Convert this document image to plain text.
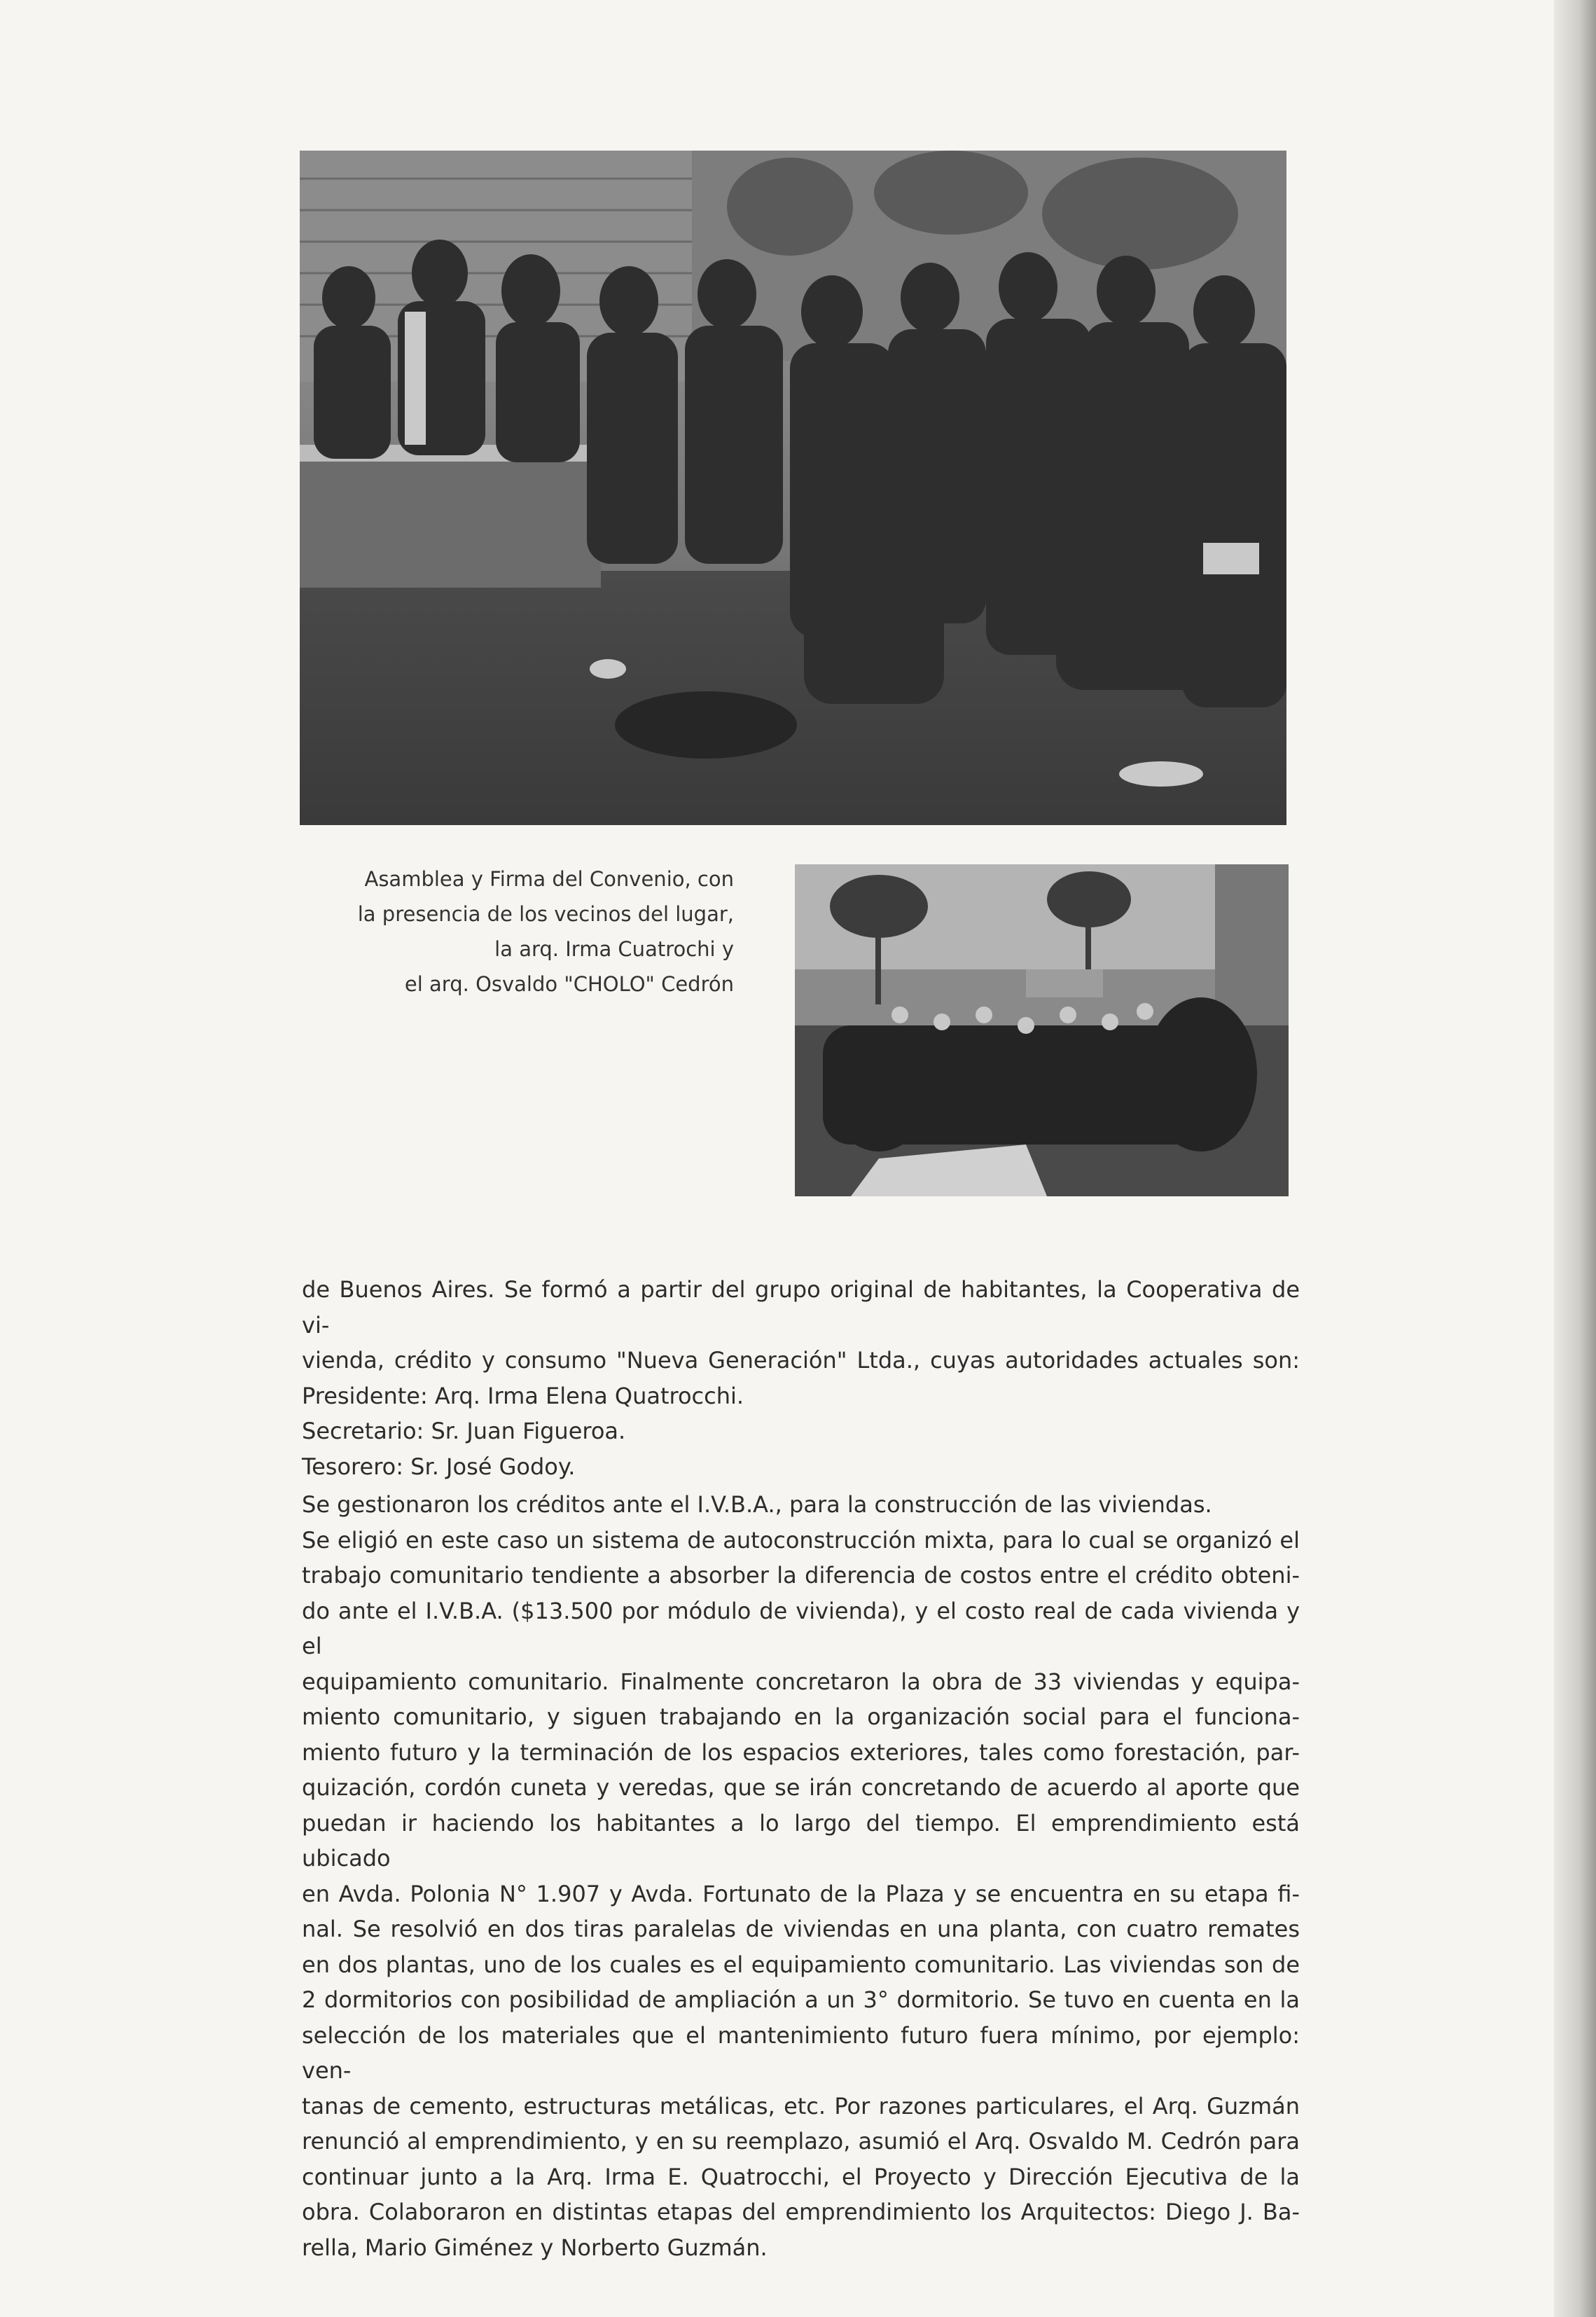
Asamblea y Firma del Convenio, con
la presencia de los vecinos del lugar,
la arq. Irma Cuatrochi y
el arq. Osvaldo "CHOLO" Cedrón
de Buenos Aires. Se formó a partir del grupo original de habitantes, la Cooperativa de vi-
vienda, crédito y consumo "Nueva Generación" Ltda., cuyas autoridades actuales son:
Presidente: Arq. Irma Elena Quatrocchi.
Secretario: Sr. Juan Figueroa.
Tesorero: Sr. José Godoy.
Se gestionaron los créditos ante el I.V.B.A., para la construcción de las viviendas.
Se eligió en este caso un sistema de autoconstrucción mixta, para lo cual se organizó el
trabajo comunitario tendiente a absorber la diferencia de costos entre el crédito obteni-
do ante el I.V.B.A. ($13.500 por módulo de vivienda), y el costo real de cada vivienda y el
equipamiento comunitario. Finalmente concretaron la obra de 33 viviendas y equipa-
miento comunitario, y siguen trabajando en la organización social para el funciona-
miento futuro y la terminación de los espacios exteriores, tales como forestación, par-
quización, cordón cuneta y veredas, que se irán concretando de acuerdo al aporte que
puedan ir haciendo los habitantes a lo largo del tiempo. El emprendimiento está ubicado
en Avda. Polonia N° 1.907 y Avda. Fortunato de la Plaza y se encuentra en su etapa fi-
nal. Se resolvió en dos tiras paralelas de viviendas en una planta, con cuatro remates
en dos plantas, uno de los cuales es el equipamiento comunitario. Las viviendas son de
2 dormitorios con posibilidad de ampliación a un 3° dormitorio. Se tuvo en cuenta en la
selección de los materiales que el mantenimiento futuro fuera mínimo, por ejemplo: ven-
tanas de cemento, estructuras metálicas, etc. Por razones particulares, el Arq. Guzmán
renunció al emprendimiento, y en su reemplazo, asumió el Arq. Osvaldo M. Cedrón para
continuar junto a la Arq. Irma E. Quatrocchi, el Proyecto y Dirección Ejecutiva de la
obra. Colaboraron en distintas etapas del emprendimiento los Arquitectos: Diego J. Ba-
rella, Mario Giménez y Norberto Guzmán.
